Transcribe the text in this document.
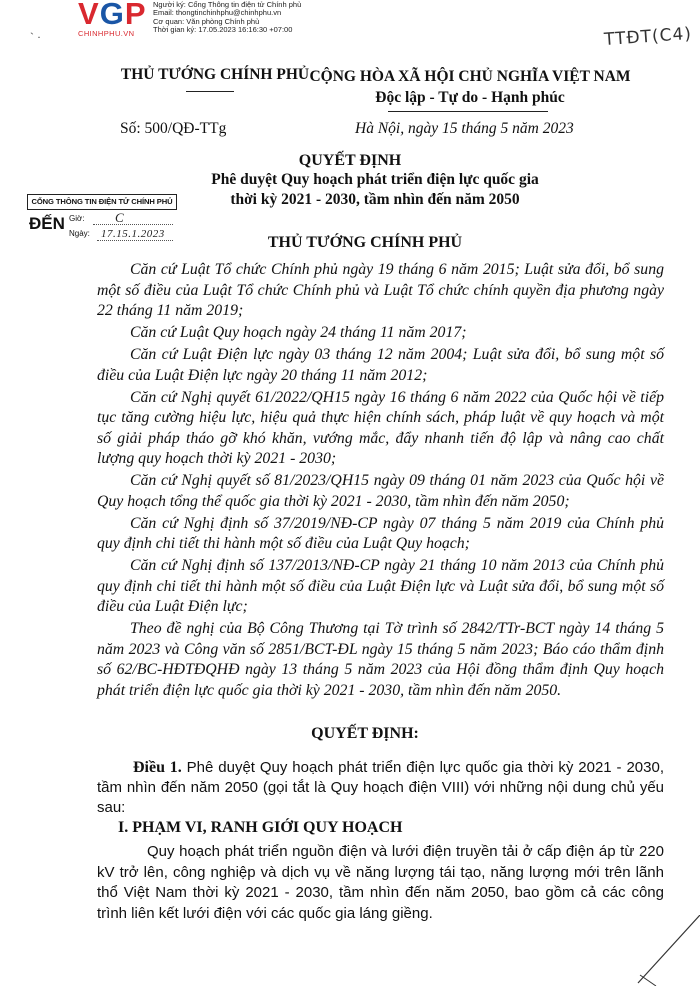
VGP
CHINHPHU.VN
Người ký: Cổng Thông tin điện tử Chính phủ
Email: thongtinchinhphu@chinhphu.vn
Cơ quan: Văn phòng Chính phủ
Thời gian ký: 17.05.2023 16:16:30 +07:00
ˋ ·	TTĐT(C4)
THỦ TƯỚNG CHÍNH PHỦ CỘNG HÒA XÃ HỘI CHỦ NGHĨA VIỆT NAM
Độc lập - Tự do - Hạnh phúc
Số: 500/QĐ-TTg	Hà Nội, ngày 15 tháng 5 năm 2023
QUYẾT ĐỊNH
Phê duyệt Quy hoạch phát triển điện lực quốc gia
thời kỳ 2021 - 2030, tầm nhìn đến năm 2050
CỔNG THÔNG TIN ĐIỆN TỬ CHÍNH PHỦ
ĐẾN Giờ: C
Ngày: 17.15.1.2023	THỦ TƯỚNG CHÍNH PHỦ

Căn cứ Luật Tổ chức Chính phủ ngày 19 tháng 6 năm 2015; Luật sửa đổi, bổ sung một số điều của Luật Tổ chức Chính phủ và Luật Tổ chức chính quyền địa phương ngày 22 tháng 11 năm 2019;

Căn cứ Luật Quy hoạch ngày 24 tháng 11 năm 2017;

Căn cứ Luật Điện lực ngày 03 tháng 12 năm 2004; Luật sửa đổi, bổ sung một số điều của Luật Điện lực ngày 20 tháng 11 năm 2012;

Căn cứ Nghị quyết 61/2022/QH15 ngày 16 tháng 6 năm 2022 của Quốc hội về tiếp tục tăng cường hiệu lực, hiệu quả thực hiện chính sách, pháp luật về quy hoạch và một số giải pháp tháo gỡ khó khăn, vướng mắc, đẩy nhanh tiến độ lập và nâng cao chất lượng quy hoạch thời kỳ 2021 - 2030;

Căn cứ Nghị quyết số 81/2023/QH15 ngày 09 tháng 01 năm 2023 của Quốc hội về Quy hoạch tổng thể quốc gia thời kỳ 2021 - 2030, tầm nhìn đến năm 2050;

Căn cứ Nghị định số 37/2019/NĐ-CP ngày 07 tháng 5 năm 2019 của Chính phủ quy định chi tiết thi hành một số điều của Luật Quy hoạch;

Căn cứ Nghị định số 137/2013/NĐ-CP ngày 21 tháng 10 năm 2013 của Chính phủ quy định chi tiết thi hành một số điều của Luật Điện lực và Luật sửa đổi, bổ sung một số điều của Luật Điện lực;

Theo đề nghị của Bộ Công Thương tại Tờ trình số 2842/TTr-BCT ngày 14 tháng 5 năm 2023 và Công văn số 2851/BCT-ĐL ngày 15 tháng 5 năm 2023; Báo cáo thẩm định số 62/BC-HĐTĐQHĐ ngày 13 tháng 5 năm 2023 của Hội đồng thẩm định Quy hoạch phát triển điện lực quốc gia thời kỳ 2021 - 2030, tầm nhìn đến năm 2050.

QUYẾT ĐỊNH:
Điều 1. Phê duyệt Quy hoạch phát triển điện lực quốc gia thời kỳ 2021 - 2030, tầm nhìn đến năm 2050 (gọi tắt là Quy hoạch điện VIII) với những nội dung chủ yếu sau:
I. PHẠM VI, RANH GIỚI QUY HOẠCH
Quy hoạch phát triển nguồn điện và lưới điện truyền tải ở cấp điện áp từ 220 kV trở lên, công nghiệp và dịch vụ về năng lượng tái tạo, năng lượng mới trên lãnh thổ Việt Nam thời kỳ 2021 - 2030, tầm nhìn đến năm 2050, bao gồm cả các công trình liên kết lưới điện với các quốc gia láng giềng.
